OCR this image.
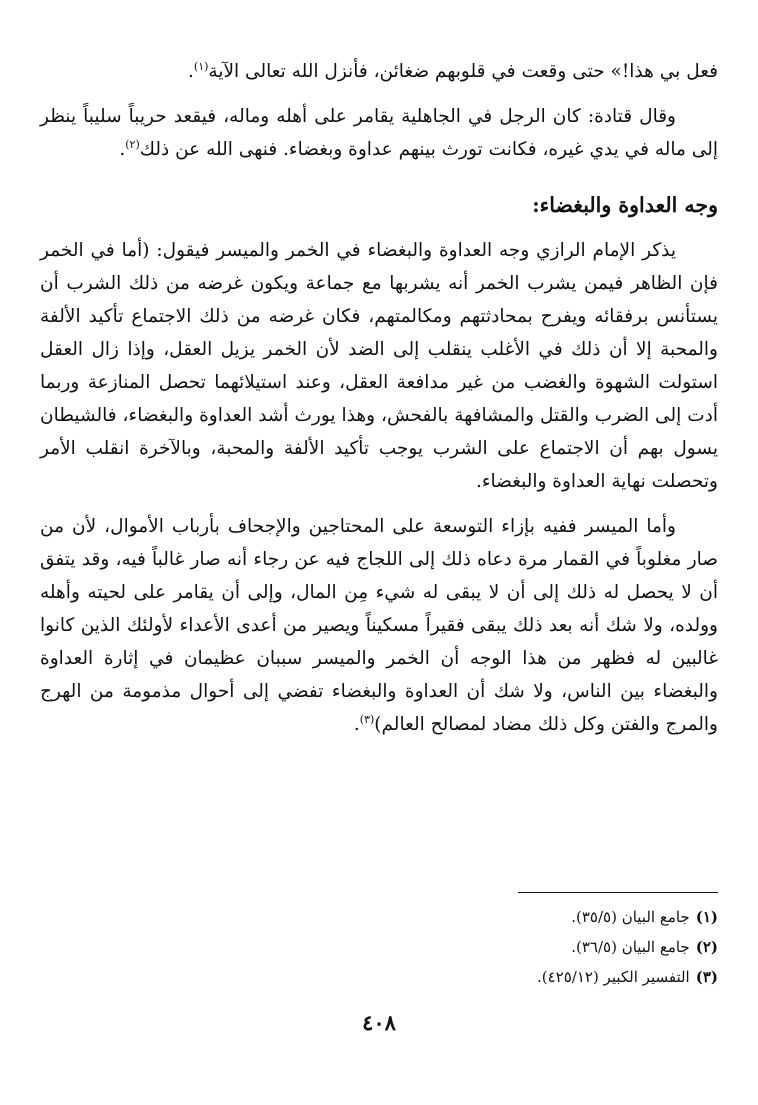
فعل بي هذا!» حتى وقعت في قلوبهم ضغائن، فأنزل الله تعالى الآية$^{(١)}$.

وقال قتادة: كان الرجل في الجاهلية يقامر على أهله وماله، فيقعد حريباً سليباً ينظر إلى ماله في يدي غيره، فكانت تورث بينهم عداوة وبغضاء. فنهى الله عن ذلك$^{(٢)}$.

وجه العداوة والبغضاء:

يذكر الإمام الرازي وجه العداوة والبغضاء في الخمر والميسر فيقول: (أما في الخمر فإن الظاهر فيمن يشرب الخمر أنه يشربها مع جماعة ويكون غرضه من ذلك الشرب أن يستأنس برفقائه ويفرح بمحادثتهم ومكالمتهم، فكان غرضه من ذلك الاجتماع تأكيد الألفة والمحبة إلا أن ذلك في الأغلب ينقلب إلى الضد لأن الخمر يزيل العقل، وإذا زال العقل استولت الشهوة والغضب من غير مدافعة العقل، وعند استيلائهما تحصل المنازعة وربما أدت إلى الضرب والقتل والمشافهة بالفحش، وهذا يورث أشد العداوة والبغضاء، فالشيطان يسول بهم أن الاجتماع على الشرب يوجب تأكيد الألفة والمحبة، وبالآخرة انقلب الأمر وتحصلت نهاية العداوة والبغضاء.

وأما الميسر ففيه بإزاء التوسعة على المحتاجين والإجحاف بأرباب الأموال، لأن من صار مغلوباً في القمار مرة دعاه ذلك إلى اللجاج فيه عن رجاء أنه صار غالباً فيه، وقد يتفق أن لا يحصل له ذلك إلى أن لا يبقى له شيء مِن المال، وإلى أن يقامر على لحيته وأهله وولده، ولا شك أنه بعد ذلك يبقى فقيراً مسكيناً ويصير من أعدى الأعداء لأولئك الذين كانوا غالبين له فظهر من هذا الوجه أن الخمر والميسر سببان عظيمان في إثارة العداوة والبغضاء بين الناس، ولا شك أن العداوة والبغضاء تفضي إلى أحوال مذمومة من الهرج والمرج والفتن وكل ذلك مضاد لمصالح العالم)$^{(٣)}$.

(١)جامع البيان (٣٥/٥).

(٢)جامع البيان (٣٦/٥).

(٣)التفسير الكبير (٤٢٥/١٢).

٤٠٨
